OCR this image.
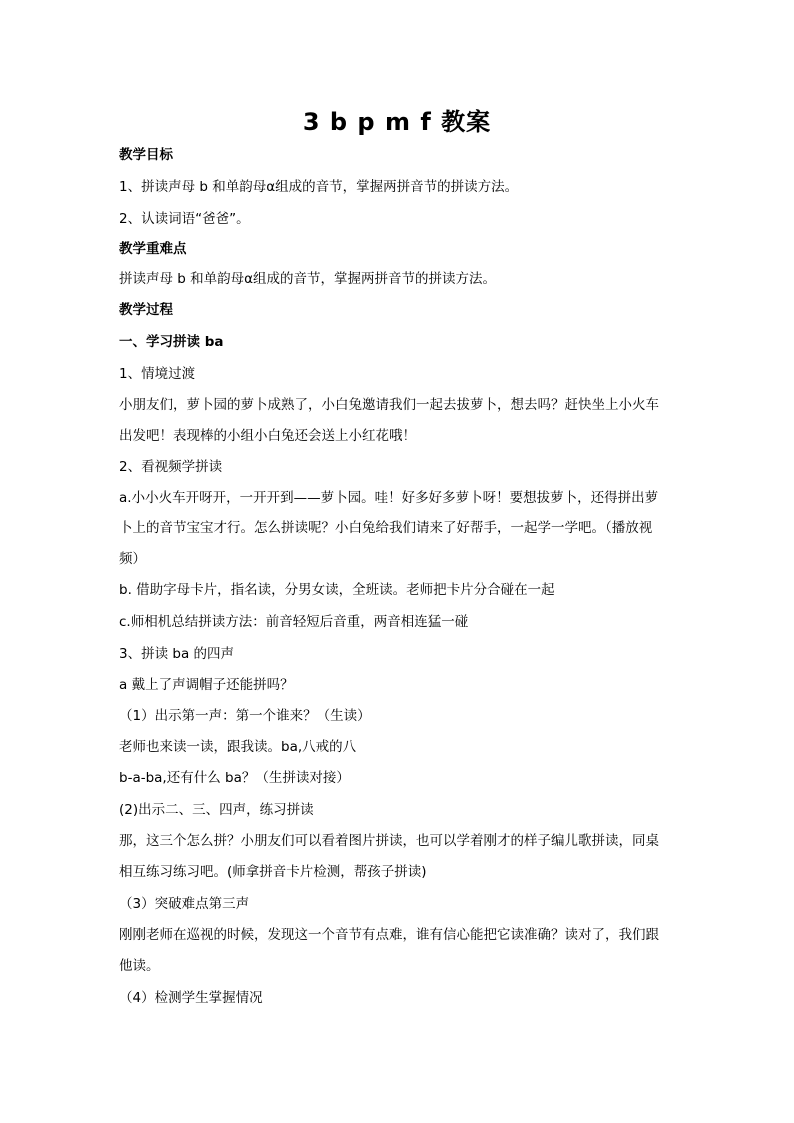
3 b p m f 教案
教学目标
1、拼读声母 b 和单韵母α组成的音节，掌握两拼音节的拼读方法。
2、认读词语“爸爸”。
教学重难点
拼读声母 b 和单韵母α组成的音节，掌握两拼音节的拼读方法。
教学过程
一、学习拼读 ba
1、情境过渡
小朋友们，萝卜园的萝卜成熟了，小白兔邀请我们一起去拔萝卜，想去吗？赶快坐上小火车
出发吧！表现棒的小组小白兔还会送上小红花哦！
2、看视频学拼读
a.小小火车开呀开，一开开到——萝卜园。哇！好多好多萝卜呀！要想拔萝卜，还得拼出萝
卜上的音节宝宝才行。怎么拼读呢？小白兔给我们请来了好帮手，一起学一学吧。（播放视
频）
b. 借助字母卡片，指名读，分男女读，全班读。老师把卡片分合碰在一起
c.师相机总结拼读方法：前音轻短后音重，两音相连猛一碰
3、拼读 ba 的四声
a 戴上了声调帽子还能拼吗？
（1）出示第一声：第一个谁来？（生读）
老师也来读一读，跟我读。ba,八戒的八
b-a-ba,还有什么 ba？（生拼读对接）
(2)出示二、三、四声，练习拼读
那，这三个怎么拼？小朋友们可以看着图片拼读，也可以学着刚才的样子编儿歌拼读，同桌
相互练习练习吧。(师拿拼音卡片检测，帮孩子拼读)
（3）突破难点第三声
刚刚老师在巡视的时候，发现这一个音节有点难，谁有信心能把它读准确？读对了，我们跟
他读。
（4）检测学生掌握情况
